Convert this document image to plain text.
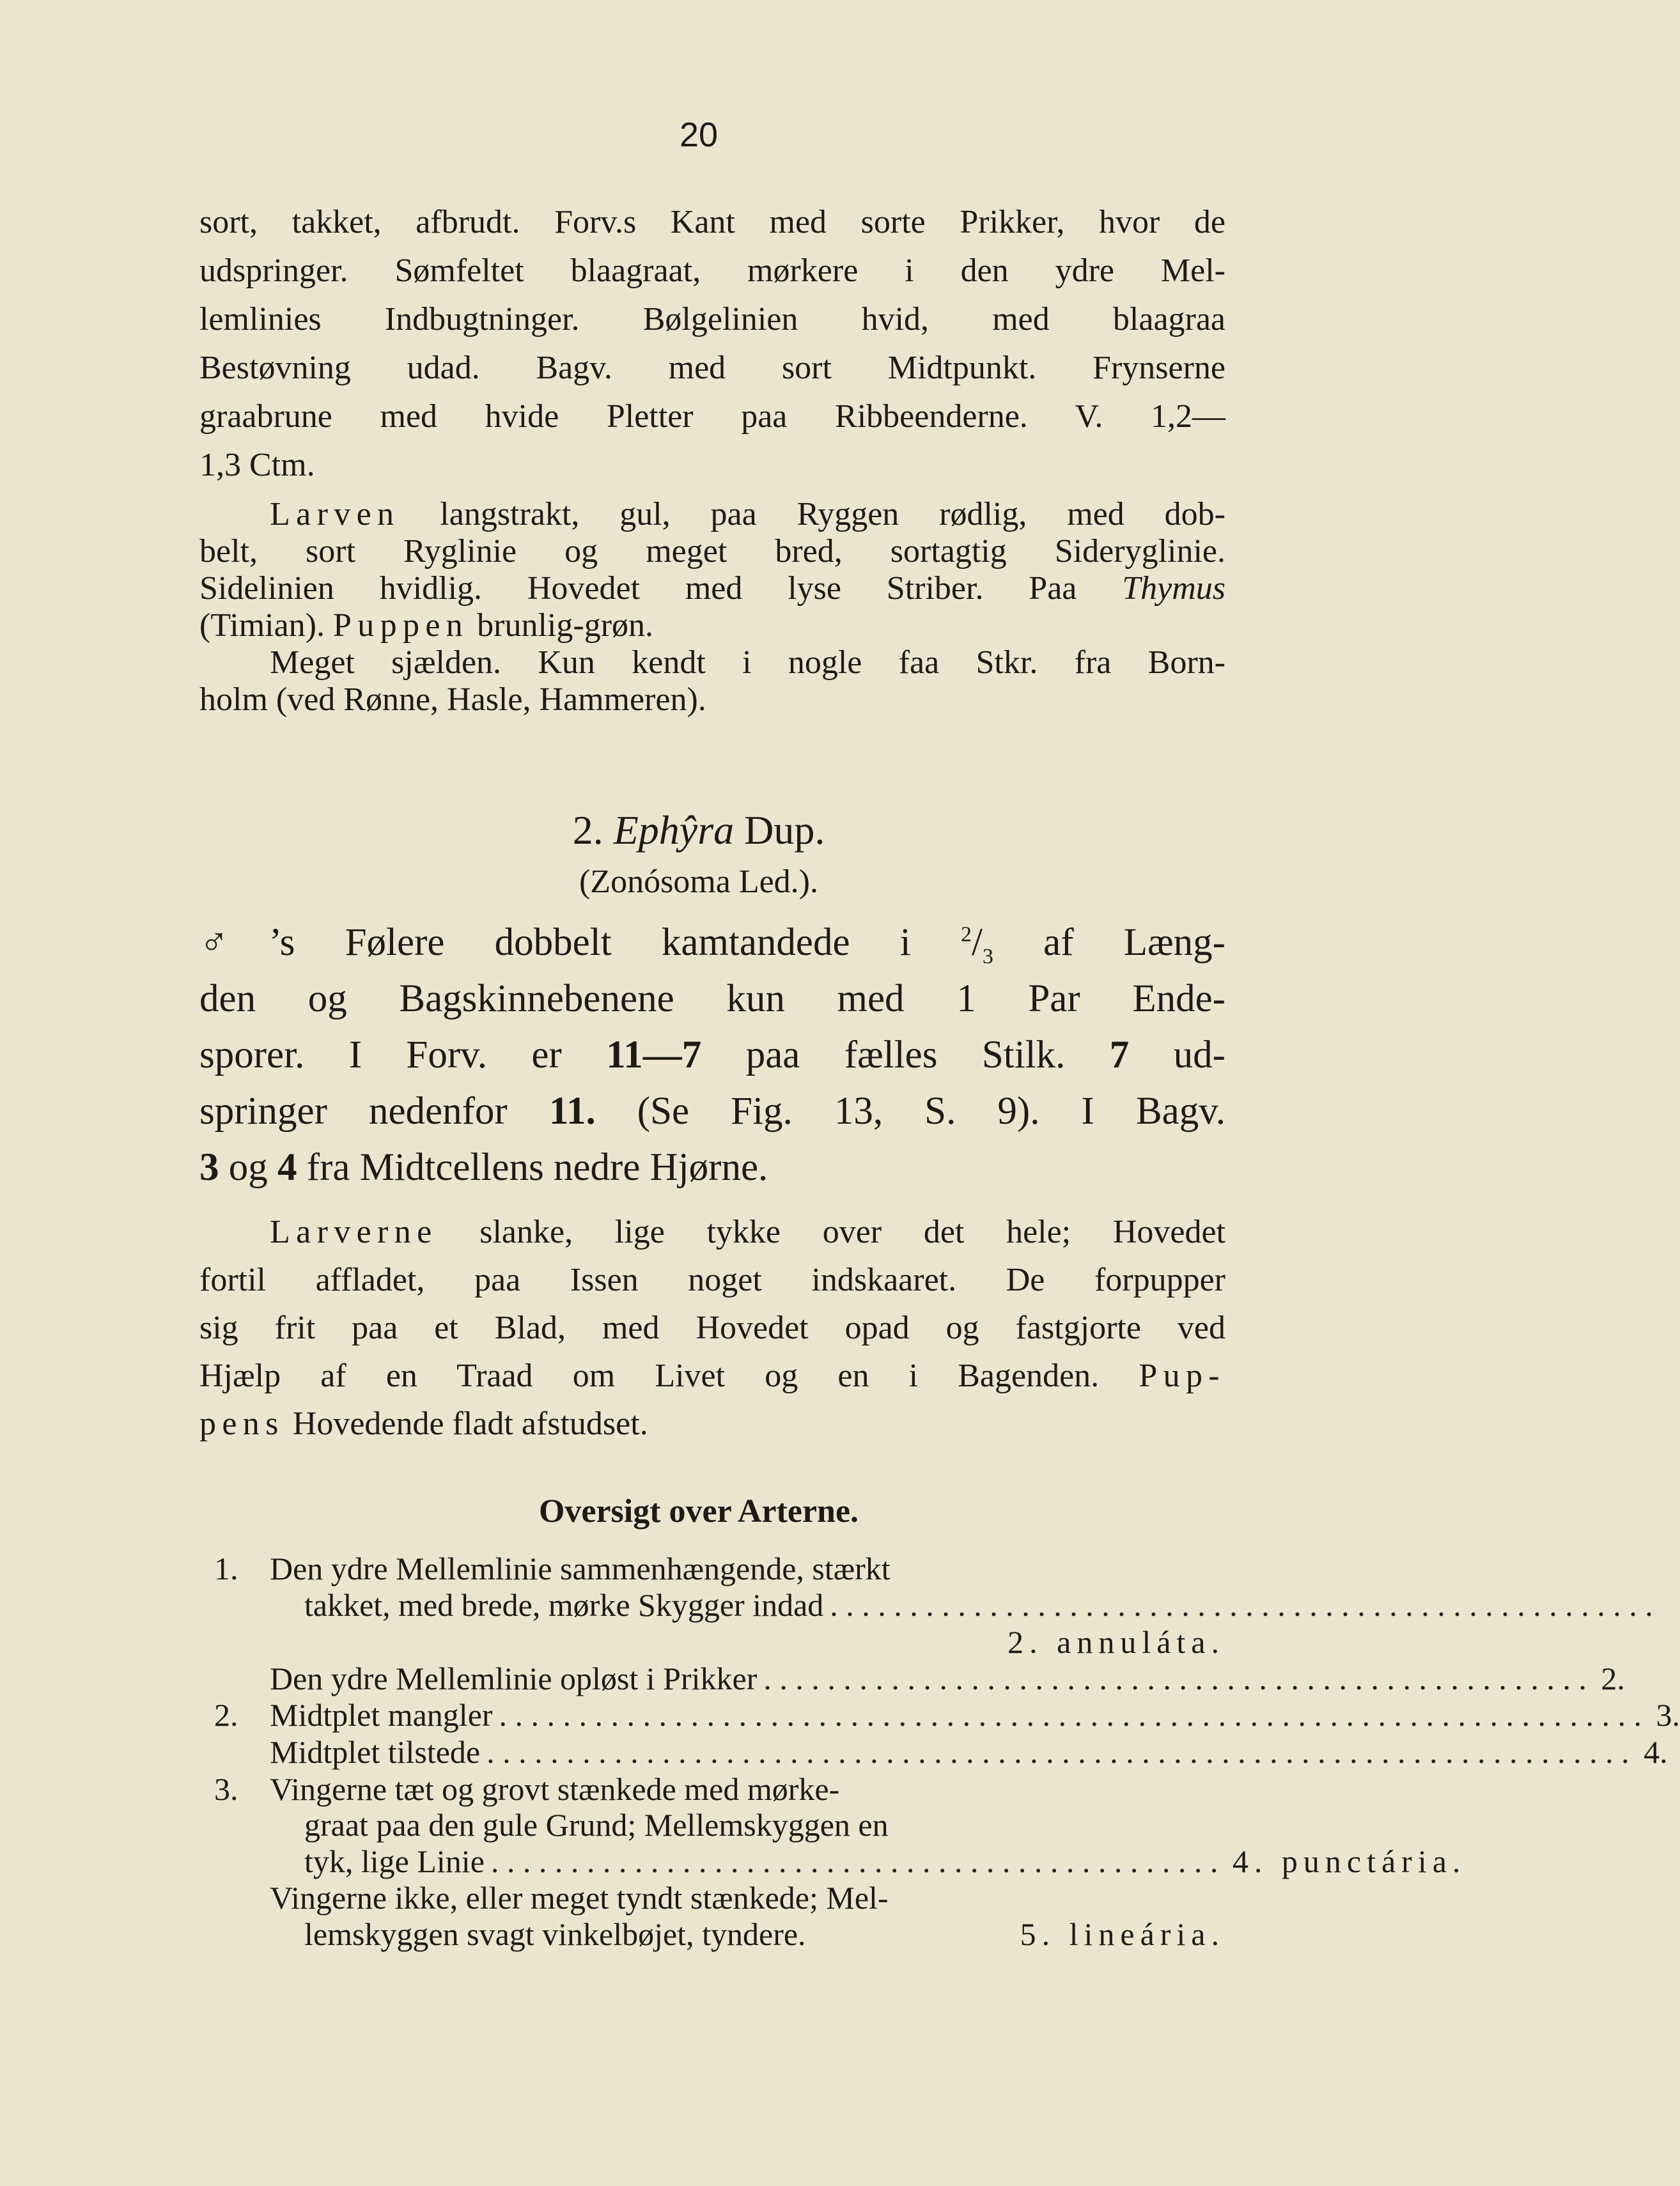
20
sort, takket, afbrudt. Forv.s Kant med sorte Prikker, hvor de
udspringer. Sømfeltet blaagraat, mørkere i den ydre Mel-
lemlinies Indbugtninger. Bølgelinien hvid, med blaagraa
Bestøvning udad. Bagv. med sort Midtpunkt. Frynserne
graabrune med hvide Pletter paa Ribbeenderne. V. 1,2—
1,3 Ctm.
Larven langstrakt, gul, paa Ryggen rødlig, med dob-
belt, sort Ryglinie og meget bred, sortagtig Sideryglinie.
Sidelinien hvidlig. Hovedet med lyse Striber. Paa Thymus
(Timian). Puppen brunlig-grøn.
Meget sjælden. Kun kendt i nogle faa Stkr. fra Born-
holm (ved Rønne, Hasle, Hammeren).
2. Ephŷra Dup.
(Zonósoma Led.).
♂’s Følere dobbelt kamtandede i $^2/_3$ af Læng-
den og Bagskinnebenene kun med 1 Par Ende-
sporer. I Forv. er 11—7 paa fælles Stilk. 7 ud-
springer nedenfor 11. (Se Fig. 13, S. 9). I Bagv.
3 og 4 fra Midtcellens nedre Hjørne.
Larverne slanke, lige tykke over det hele; Hovedet
fortil affladet, paa Issen noget indskaaret. De forpupper
sig frit paa et Blad, med Hovedet opad og fastgjorte ved
Hjælp af en Traad om Livet og en i Bagenden. Pup-
pens Hovedende fladt afstudset.
Oversigt over Arterne.
1. Den ydre Mellemlinie sammenhængende, stærkt
takket, med brede, mørke Skygger indad ....................................................
2. annuláta.
Den ydre Mellemlinie opløst i Prikker .................................................... 2.
2. Midtplet mangler ........................................................................ 3.
Midtplet tilstede ........................................................................ 4.
3. Vingerne tæt og grovt stænkede med mørke-
graat paa den gule Grund; Mellemskyggen en
tyk, lige Linie .............................................. 4. punctária.
Vingerne ikke, eller meget tyndt stænkede; Mel-
lemskyggen svagt vinkelbøjet, tyndere.	5. lineária.
